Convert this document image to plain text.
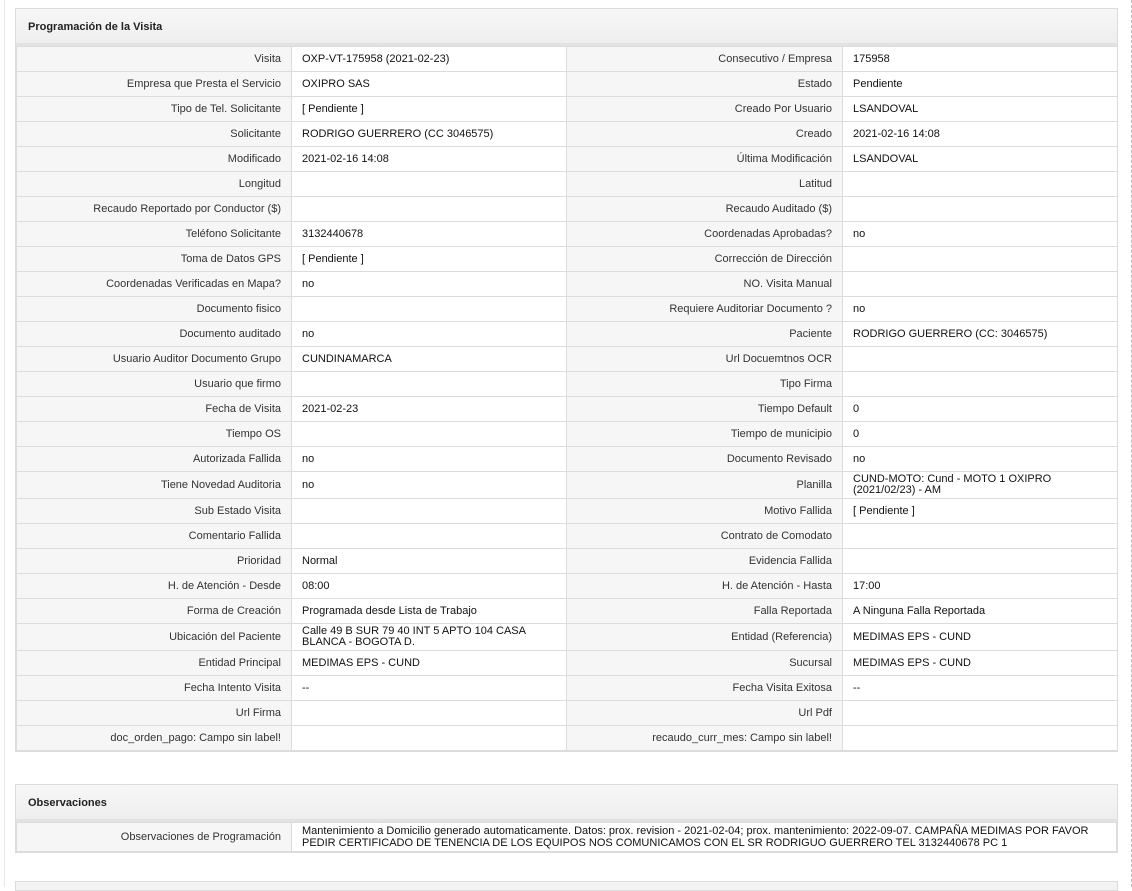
Programación de la Visita
Visita	OXP-VT-175958 (2021-02-23)	Consecutivo / Empresa	175958
Empresa que Presta el Servicio	OXIPRO SAS	Estado	Pendiente
Tipo de Tel. Solicitante	[ Pendiente ]	Creado Por Usuario	LSANDOVAL
Solicitante	RODRIGO GUERRERO (CC 3046575)	Creado	2021-02-16 14:08
Modificado	2021-02-16 14:08	Última Modificación	LSANDOVAL
Longitud		Latitud	
Recaudo Reportado por Conductor ($)		Recaudo Auditado ($)	
Teléfono Solicitante	3132440678	Coordenadas Aprobadas?	no
Toma de Datos GPS	[ Pendiente ]	Corrección de Dirección	
Coordenadas Verificadas en Mapa?	no	NO. Visita Manual	
Documento fisico		Requiere Auditoriar Documento ?	no
Documento auditado	no	Paciente	RODRIGO GUERRERO (CC: 3046575)
Usuario Auditor Documento Grupo	CUNDINAMARCA	Url Docuemtnos OCR	
Usuario que firmo		Tipo Firma	
Fecha de Visita	2021-02-23	Tiempo Default	0
Tiempo OS		Tiempo de municipio	0
Autorizada Fallida	no	Documento Revisado	no
Tiene Novedad Auditoria	no	Planilla	CUND-MOTO: Cund - MOTO 1 OXIPRO (2021/02/23) - AM
Sub Estado Visita		Motivo Fallida	[ Pendiente ]
Comentario Fallida		Contrato de Comodato	
Prioridad	Normal	Evidencia Fallida	
H. de Atención - Desde	08:00	H. de Atención - Hasta	17:00
Forma de Creación	Programada desde Lista de Trabajo	Falla Reportada	A Ninguna Falla Reportada
Ubicación del Paciente	Calle 49 B SUR 79 40 INT 5 APTO 104 CASA BLANCA - BOGOTA D.	Entidad (Referencia)	MEDIMAS EPS - CUND
Entidad Principal	MEDIMAS EPS - CUND	Sucursal	MEDIMAS EPS - CUND
Fecha Intento Visita	--	Fecha Visita Exitosa	--
Url Firma		Url Pdf	
doc_orden_pago: Campo sin label!		recaudo_curr_mes: Campo sin label!	
Observaciones
Observaciones de Programación	Mantenimiento a Domicilio generado automaticamente. Datos: prox. revision - 2021-02-04; prox. mantenimiento: 2022-09-07. CAMPAÑA MEDIMAS POR FAVOR PEDIR CERTIFICADO DE TENENCIA DE LOS EQUIPOS NOS COMUNICAMOS CON EL SR RODRIGUO GUERRERO TEL 3132440678 PC 1
